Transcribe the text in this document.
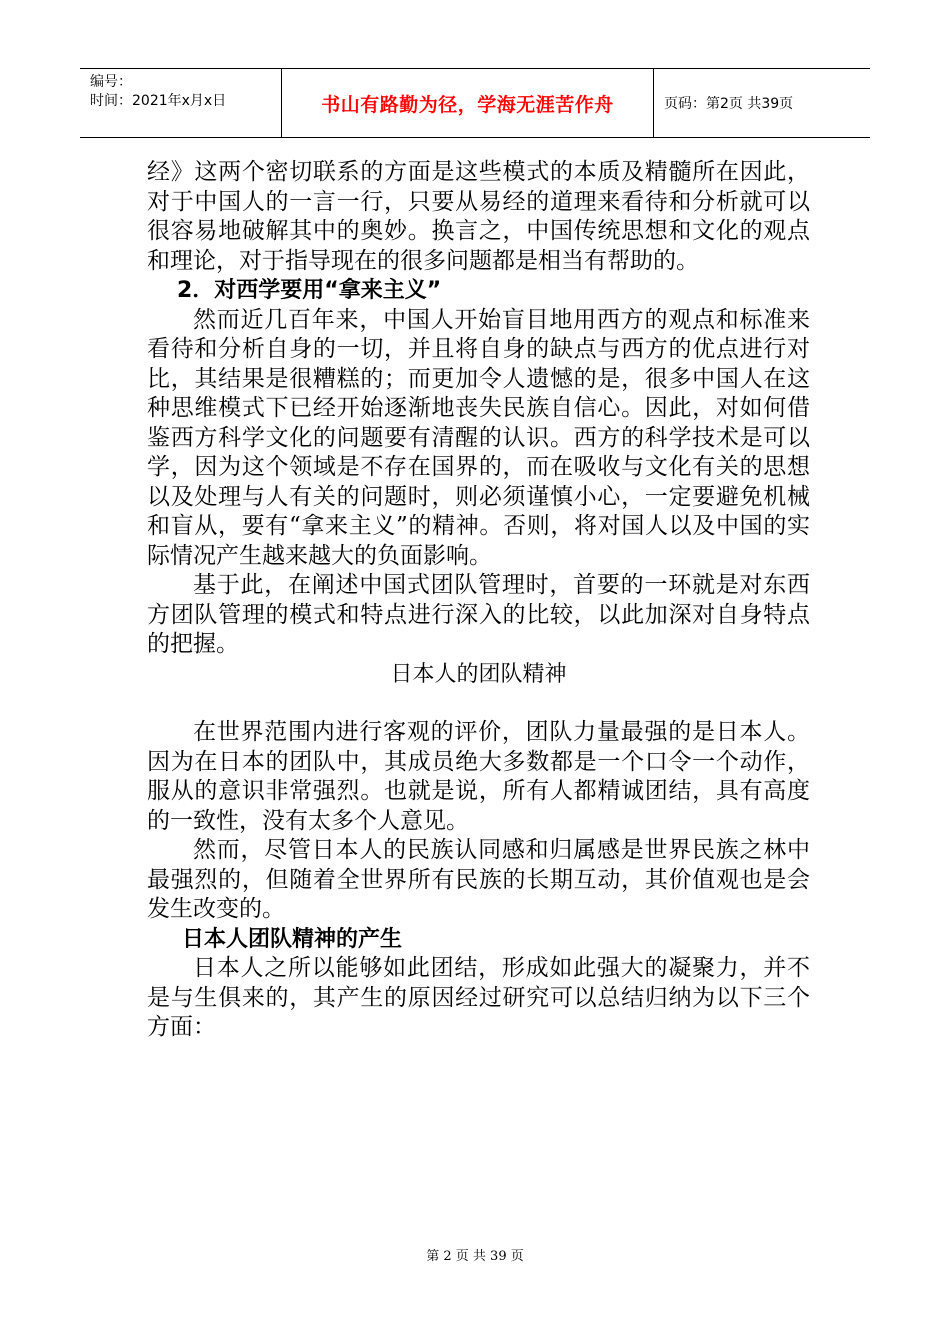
编号：
时间：2021年x月x日	书山有路勤为径，学海无涯苦作舟	页码：第2页 共39页

经》这两个密切联系的方面是这些模式的本质及精髓所在因此，对于中国人的一言一行，只要从易经的道理来看待和分析就可以很容易地破解其中的奥妙。换言之，中国传统思想和文化的观点和理论，对于指导现在的很多问题都是相当有帮助的。

2．对西学要用“拿来主义”

然而近几百年来，中国人开始盲目地用西方的观点和标准来看待和分析自身的一切，并且将自身的缺点与西方的优点进行对比，其结果是很糟糕的；而更加令人遗憾的是，很多中国人在这种思维模式下已经开始逐渐地丧失民族自信心。因此，对如何借鉴西方科学文化的问题要有清醒的认识。西方的科学技术是可以学，因为这个领域是不存在国界的，而在吸收与文化有关的思想以及处理与人有关的问题时，则必须谨慎小心，一定要避免机械和盲从，要有“拿来主义”的精神。否则，将对国人以及中国的实际情况产生越来越大的负面影响。

基于此，在阐述中国式团队管理时，首要的一环就是对东西方团队管理的模式和特点进行深入的比较，以此加深对自身特点的把握。

日本人的团队精神

在世界范围内进行客观的评价，团队力量最强的是日本人。因为在日本的团队中，其成员绝大多数都是一个口令一个动作，服从的意识非常强烈。也就是说，所有人都精诚团结，具有高度的一致性，没有太多个人意见。

然而，尽管日本人的民族认同感和归属感是世界民族之林中最强烈的，但随着全世界所有民族的长期互动，其价值观也是会发生改变的。

日本人团队精神的产生

日本人之所以能够如此团结，形成如此强大的凝聚力，并不是与生俱来的，其产生的原因经过研究可以总结归纳为以下三个方面：

第 2 页 共 39 页
